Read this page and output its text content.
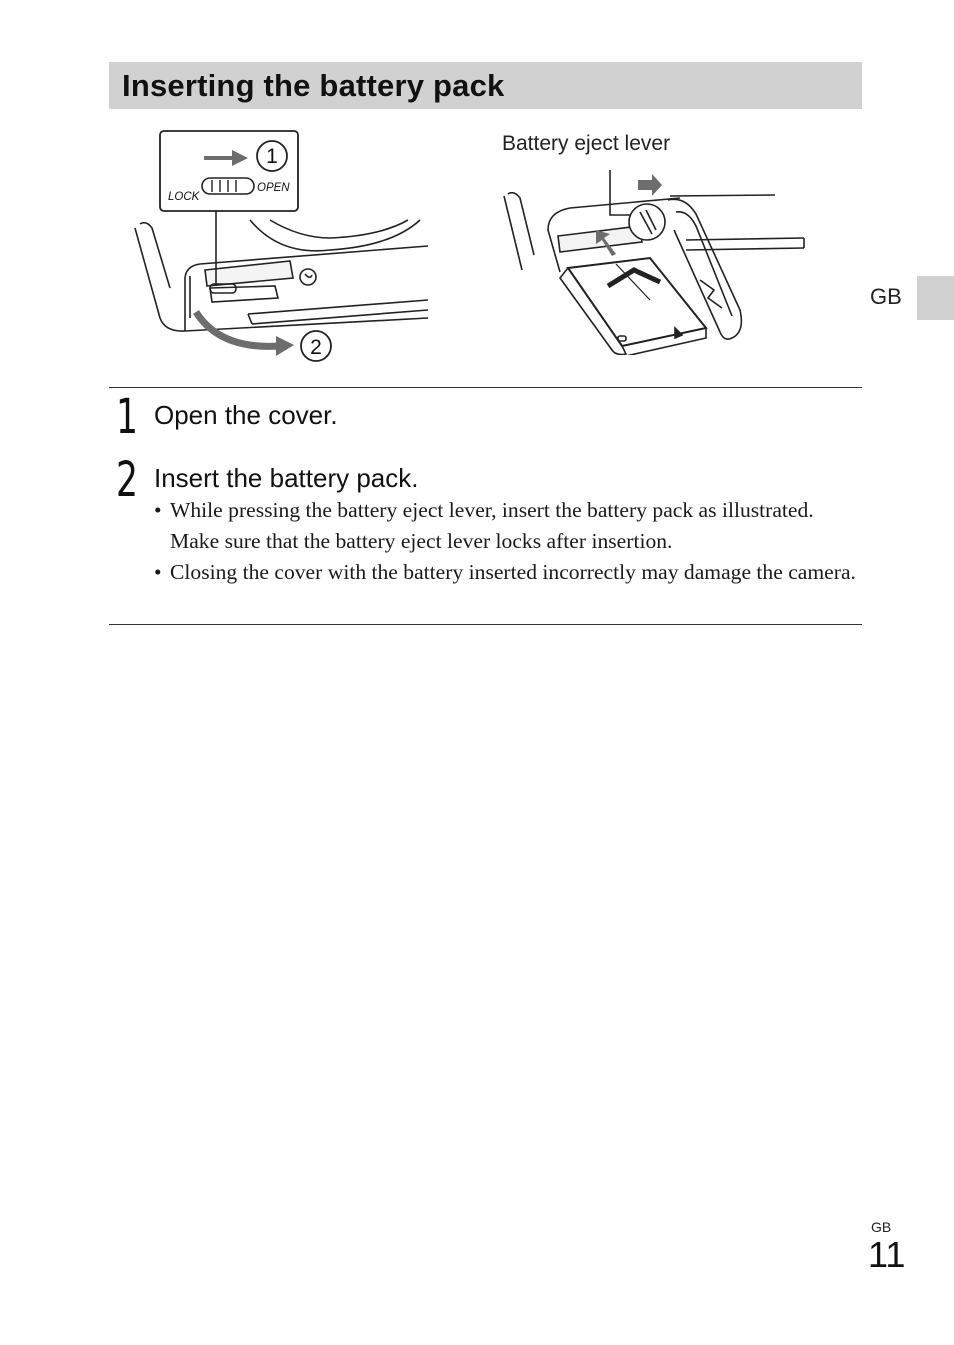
Inserting the battery pack
GB
1
LOCK
OPEN
2
Battery eject lever
1 Open the cover.
2 Insert the battery pack.
• While pressing the battery eject lever, insert the battery pack as illustrated. Make sure that the battery eject lever locks after insertion.
• Closing the cover with the battery inserted incorrectly may damage the camera.
GB
11
